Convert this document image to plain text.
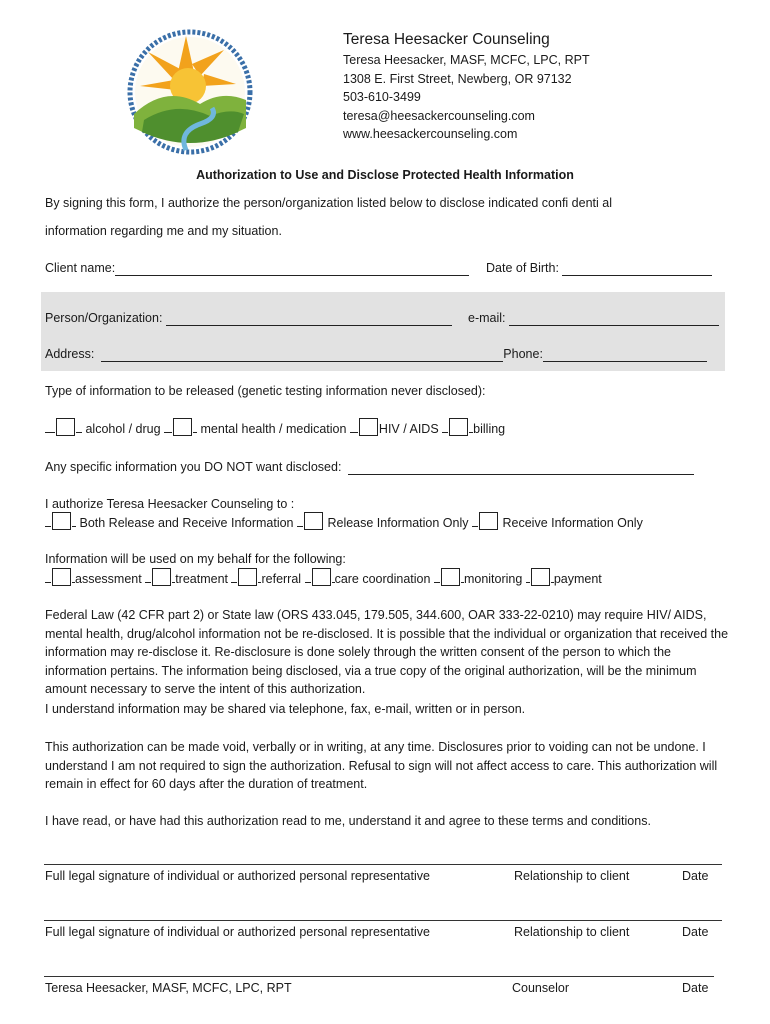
Teresa Heesacker Counseling
Teresa Heesacker, MASF, MCFC, LPC, RPT
1308 E. First Street, Newberg, OR 97132
503-610-3499
teresa@heesackercounseling.com
www.heesackercounseling.com
Authorization to Use and Disclose Protected Health Information
By signing this form, I authorize the person/organization listed below to disclose indicated confi denti al
information regarding me and my situation.
Client name:	Date of Birth:
Person/Organization:	e-mail:
Address:	Phone:
Type of information to be released (genetic testing information never disclosed):
alcohol / drug	mental health / medication	HIV / AIDS	billing
Any specific information you DO NOT want disclosed:
I authorize Teresa Heesacker Counseling to :
Both Release and Receive Information	Release Information Only	Receive Information Only
Information will be used on my behalf for the following:
assessment	treatment	referral	care coordination	monitoring	payment
Federal Law (42 CFR part 2) or State law (ORS 433.045, 179.505, 344.600, OAR 333-22-0210) may require HIV/ AIDS, mental health, drug/alcohol information not be re-disclosed. It is possible that the individual or organization that received the information may re-disclose it. Re-disclosure is done solely through the written consent of the person to which the information pertains. The information being disclosed, via a true copy of the original authorization, will be the minimum amount necessary to serve the intent of this authorization.
I understand information may be shared via telephone, fax, e-mail, written or in person.
This authorization can be made void, verbally or in writing, at any time. Disclosures prior to voiding can not be undone. I understand I am not required to sign the authorization. Refusal to sign will not affect access to care. This authorization will remain in effect for 60 days after the duration of treatment.
I have read, or have had this authorization read to me, understand it and agree to these terms and conditions.
Full legal signature of individual or authorized personal representative	Relationship to client	Date
Full legal signature of individual or authorized personal representative	Relationship to client	Date
Teresa Heesacker, MASF, MCFC, LPC, RPT	Counselor	Date
